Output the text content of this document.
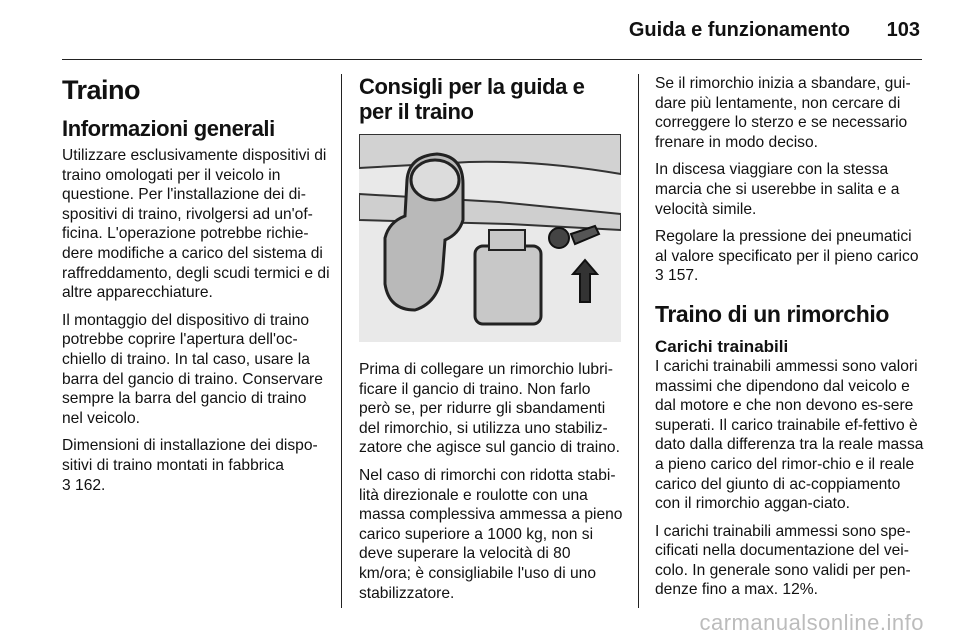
Guida e funzionamento 103
Traino
Informazioni generali

Utilizzare esclusivamente dispositivi di traino omologati per il veicolo in questione. Per l'installazione dei di-spositivi di traino, rivolgersi ad un'of-ficina. L'operazione potrebbe richie-dere modifiche a carico del sistema di raffreddamento, degli scudi termici e di altre apparecchiature.

Il montaggio del dispositivo di traino potrebbe coprire l'apertura dell'oc-chiello di traino. In tal caso, usare la barra del gancio di traino. Conservare sempre la barra del gancio di traino nel veicolo.

Dimensioni di installazione dei dispo-sitivi di traino montati in fabbrica
3 162.

Consigli per la guida e per il traino

Prima di collegare un rimorchio lubri-ficare il gancio di traino. Non farlo però se, per ridurre gli sbandamenti del rimorchio, si utilizza uno stabiliz-zatore che agisce sul gancio di traino.

Nel caso di rimorchi con ridotta stabi-lità direzionale e roulotte con una massa complessiva ammessa a pieno carico superiore a 1000 kg, non si deve superare la velocità di 80 km/ora; è consigliabile l'uso di uno stabilizzatore.

Se il rimorchio inizia a sbandare, gui-dare più lentamente, non cercare di correggere lo sterzo e se necessario frenare in modo deciso.

In discesa viaggiare con la stessa marcia che si userebbe in salita e a velocità simile.

Regolare la pressione dei pneumatici al valore specificato per il pieno carico
3 157.

Traino di un rimorchio
Carichi trainabili

I carichi trainabili ammessi sono valori massimi che dipendono dal veicolo e dal motore e che non devono es-sere superati. Il carico trainabile ef-fettivo è dato dalla differenza tra la reale massa a pieno carico del rimor-chio e il reale carico del giunto di ac-coppiamento con il rimorchio aggan-ciato.

I carichi trainabili ammessi sono spe-cificati nella documentazione del vei-colo. In generale sono validi per pen-denze fino a max. 12%.

carmanualsonline.info
